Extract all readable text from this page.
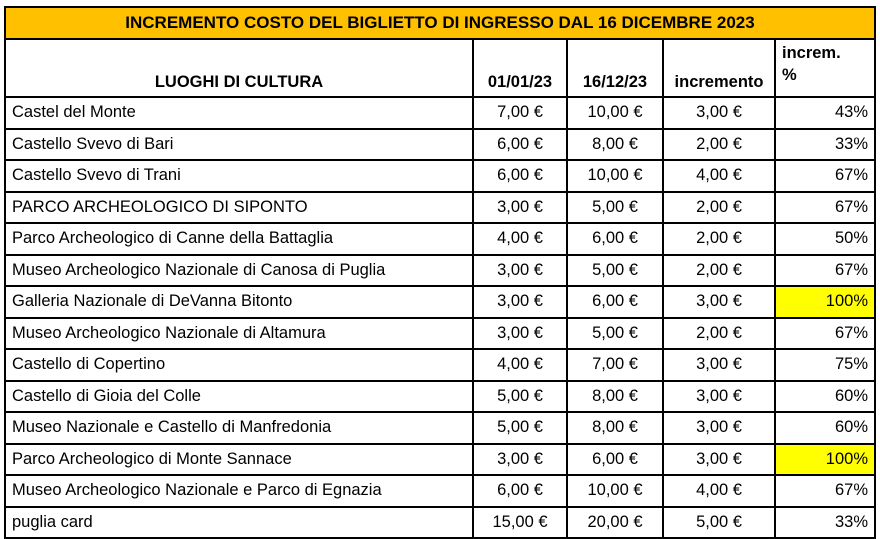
INCREMENTO COSTO DEL BIGLIETTO DI INGRESSO DAL 16 DICEMBRE 2023				
LUOGHI DI CULTURA	01/01/23	16/12/23	incremento	increm.
%
Castel del Monte	7,00 €	10,00 €	3,00 €	43%
Castello Svevo di Bari	6,00 €	8,00 €	2,00 €	33%
Castello Svevo di Trani	6,00 €	10,00 €	4,00 €	67%
PARCO ARCHEOLOGICO DI SIPONTO	3,00 €	5,00 €	2,00 €	67%
Parco Archeologico di Canne della Battaglia	4,00 €	6,00 €	2,00 €	50%
Museo Archeologico Nazionale di Canosa di Puglia	3,00 €	5,00 €	2,00 €	67%
Galleria Nazionale di DeVanna Bitonto	3,00 €	6,00 €	3,00 €	100%
Museo Archeologico Nazionale di Altamura	3,00 €	5,00 €	2,00 €	67%
Castello di Copertino	4,00 €	7,00 €	3,00 €	75%
Castello di Gioia del Colle	5,00 €	8,00 €	3,00 €	60%
Museo Nazionale e Castello di Manfredonia	5,00 €	8,00 €	3,00 €	60%
Parco Archeologico di Monte Sannace	3,00 €	6,00 €	3,00 €	100%
Museo Archeologico Nazionale e Parco di Egnazia	6,00 €	10,00 €	4,00 €	67%
puglia card	15,00 €	20,00 €	5,00 €	33%
